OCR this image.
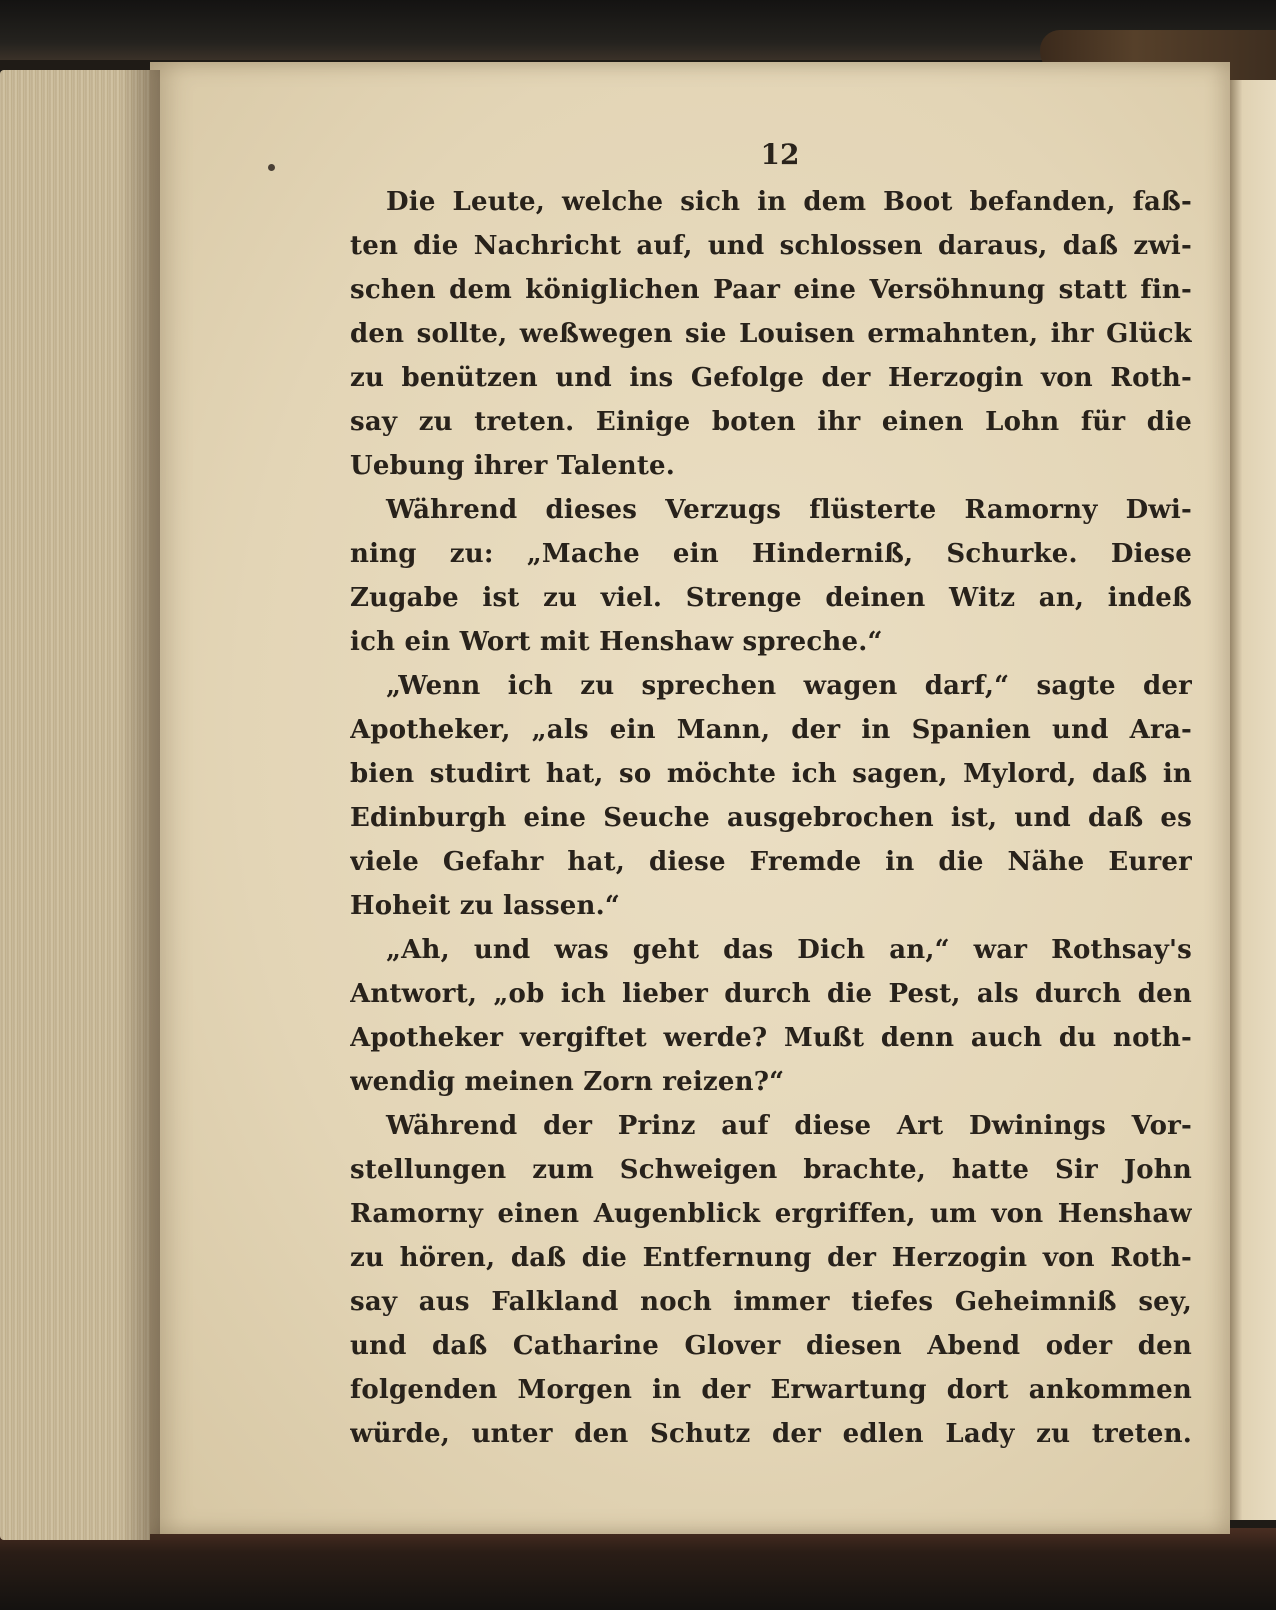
12
Die Leute, welche sich in dem Boot befanden, faß-
ten die Nachricht auf, und schlossen daraus, daß zwi-
schen dem königlichen Paar eine Versöhnung statt fin-
den sollte, weßwegen sie Louisen ermahnten, ihr Glück
zu benützen und ins Gefolge der Herzogin von Roth-
say zu treten. Einige boten ihr einen Lohn für die
Uebung ihrer Talente.
Während dieses Verzugs flüsterte Ramorny Dwi-
ning zu: „Mache ein Hinderniß, Schurke. Diese
Zugabe ist zu viel. Strenge deinen Witz an, indeß
ich ein Wort mit Henshaw spreche.“
„Wenn ich zu sprechen wagen darf,“ sagte der
Apotheker, „als ein Mann, der in Spanien und Ara-
bien studirt hat, so möchte ich sagen, Mylord, daß in
Edinburgh eine Seuche ausgebrochen ist, und daß es
viele Gefahr hat, diese Fremde in die Nähe Eurer
Hoheit zu lassen.“
„Ah, und was geht das Dich an,“ war Rothsay's
Antwort, „ob ich lieber durch die Pest, als durch den
Apotheker vergiftet werde? Mußt denn auch du noth-
wendig meinen Zorn reizen?“
Während der Prinz auf diese Art Dwinings Vor-
stellungen zum Schweigen brachte, hatte Sir John
Ramorny einen Augenblick ergriffen, um von Henshaw
zu hören, daß die Entfernung der Herzogin von Roth-
say aus Falkland noch immer tiefes Geheimniß sey,
und daß Catharine Glover diesen Abend oder den
folgenden Morgen in der Erwartung dort ankommen
würde, unter den Schutz der edlen Lady zu treten.
